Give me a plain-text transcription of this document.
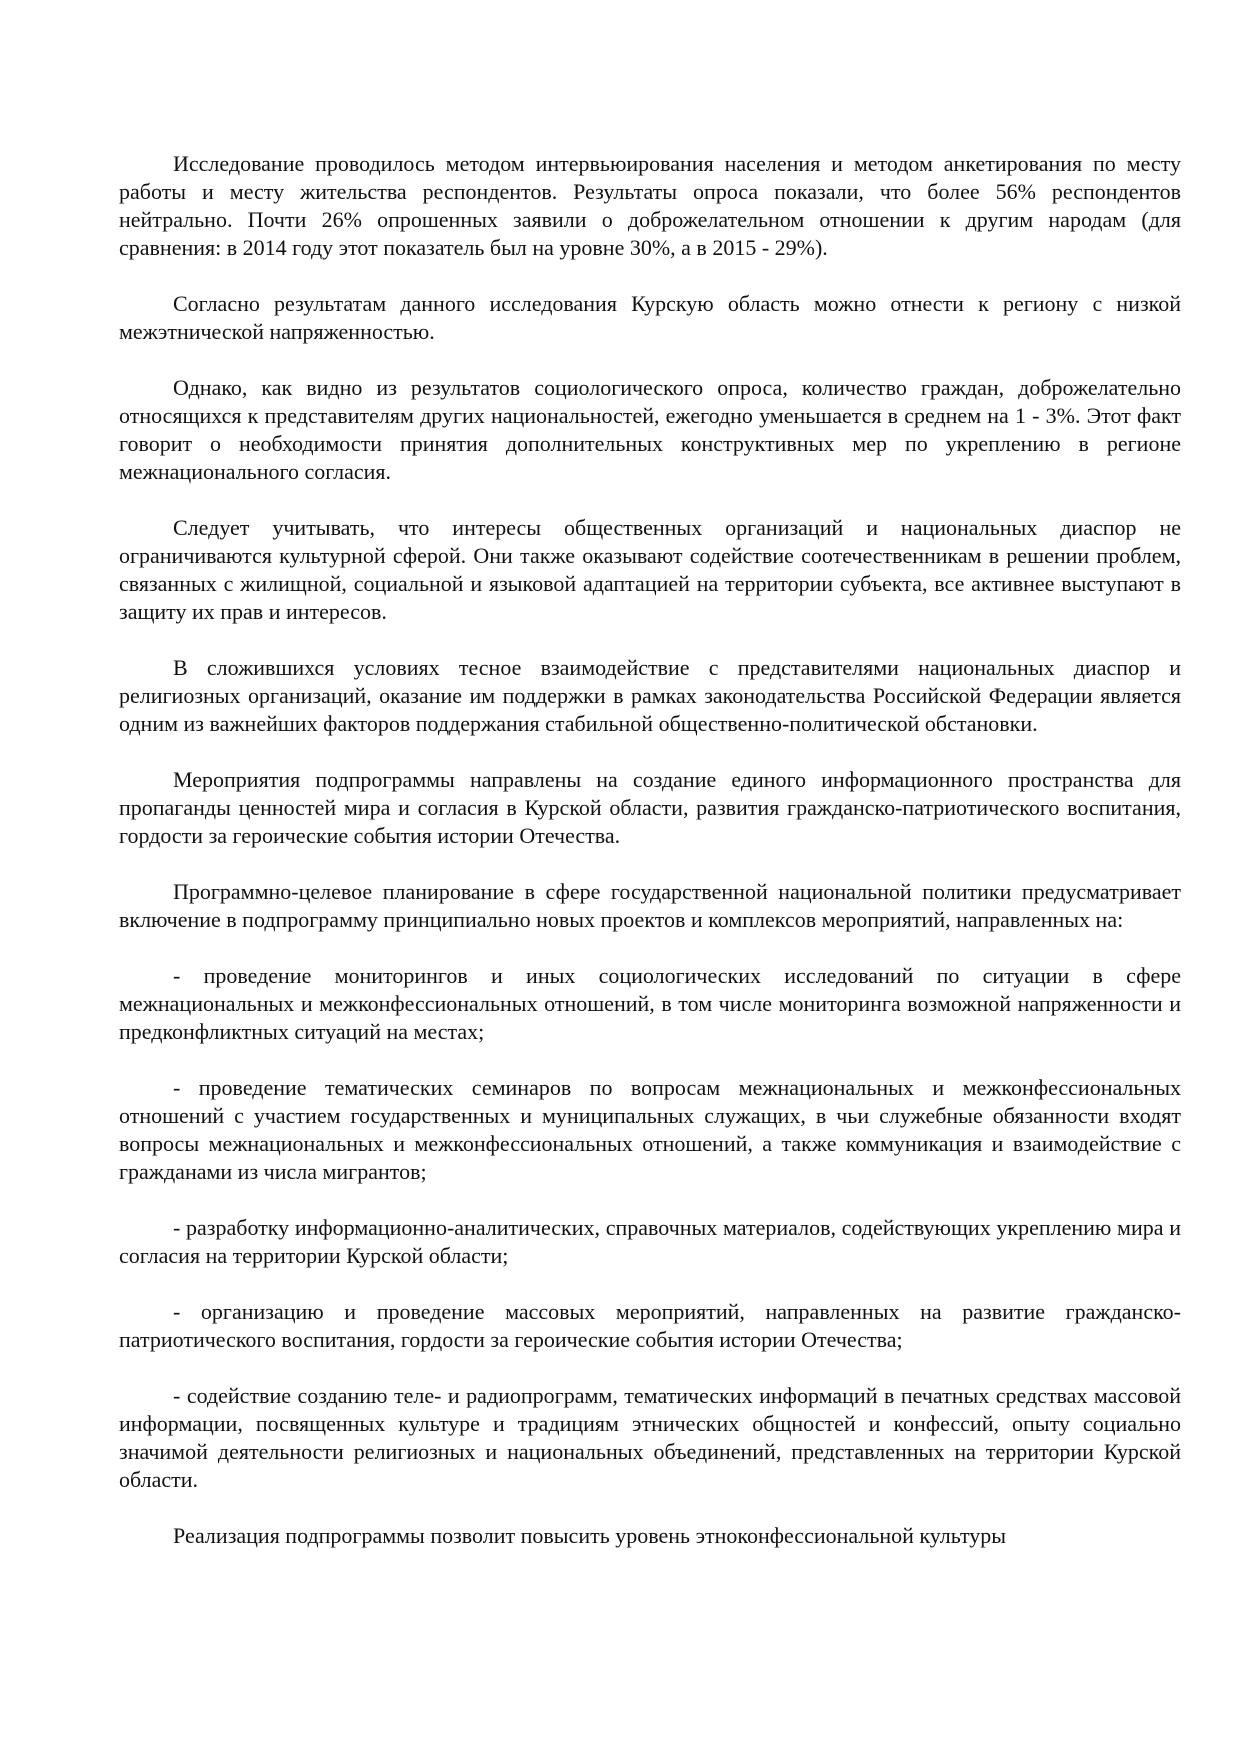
Исследование проводилось методом интервьюирования населения и методом анкетирования по месту работы и месту жительства респондентов. Результаты опроса показали, что более 56% респондентов нейтрально. Почти 26% опрошенных заявили о доброжелательном отношении к другим народам (для сравнения: в 2014 году этот показатель был на уровне 30%, а в 2015 - 29%).

Согласно результатам данного исследования Курскую область можно отнести к региону с низкой межэтнической напряженностью.

Однако, как видно из результатов социологического опроса, количество граждан, доброжелательно относящихся к представителям других национальностей, ежегодно уменьшается в среднем на 1 - 3%. Этот факт говорит о необходимости принятия дополнительных конструктивных мер по укреплению в регионе межнационального согласия.

Следует учитывать, что интересы общественных организаций и национальных диаспор не ограничиваются культурной сферой. Они также оказывают содействие соотечественникам в решении проблем, связанных с жилищной, социальной и языковой адаптацией на территории субъекта, все активнее выступают в защиту их прав и интересов.

В сложившихся условиях тесное взаимодействие с представителями национальных диаспор и религиозных организаций, оказание им поддержки в рамках законодательства Российской Федерации является одним из важнейших факторов поддержания стабильной общественно-политической обстановки.

Мероприятия подпрограммы направлены на создание единого информационного пространства для пропаганды ценностей мира и согласия в Курской области, развития гражданско-патриотического воспитания, гордости за героические события истории Отечества.

Программно-целевое планирование в сфере государственной национальной политики предусматривает включение в подпрограмму принципиально новых проектов и комплексов мероприятий, направленных на:

- проведение мониторингов и иных социологических исследований по ситуации в сфере межнациональных и межконфессиональных отношений, в том числе мониторинга возможной напряженности и предконфликтных ситуаций на местах;

- проведение тематических семинаров по вопросам межнациональных и межконфессиональных отношений с участием государственных и муниципальных служащих, в чьи служебные обязанности входят вопросы межнациональных и межконфессиональных отношений, а также коммуникация и взаимодействие с гражданами из числа мигрантов;

- разработку информационно-аналитических, справочных материалов, содействующих укреплению мира и согласия на территории Курской области;

- организацию и проведение массовых мероприятий, направленных на развитие гражданско-патриотического воспитания, гордости за героические события истории Отечества;

- содействие созданию теле- и радиопрограмм, тематических информаций в печатных средствах массовой информации, посвященных культуре и традициям этнических общностей и конфессий, опыту социально значимой деятельности религиозных и национальных объединений, представленных на территории Курской области.

Реализация подпрограммы позволит повысить уровень этноконфессиональной культуры
